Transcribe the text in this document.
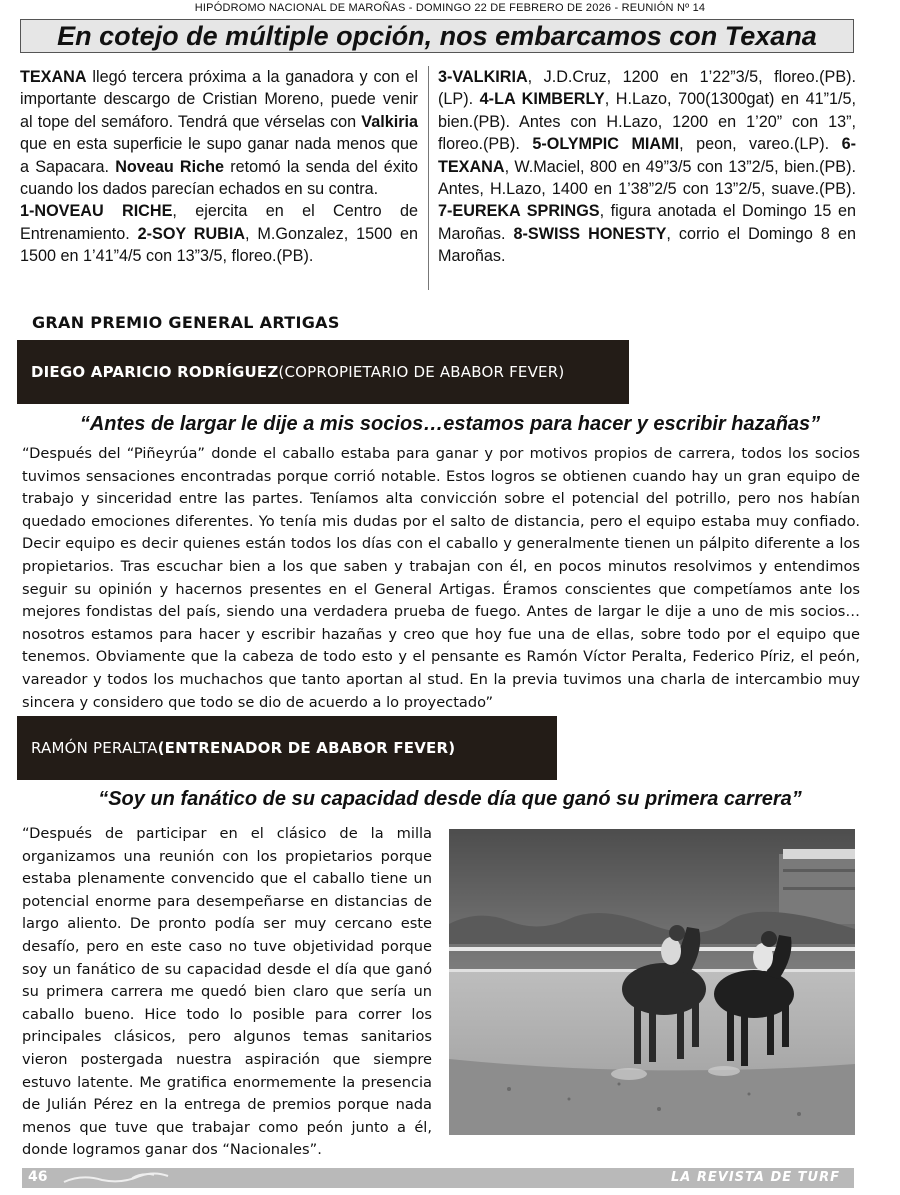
HIPÓDROMO NACIONAL DE MAROÑAS - DOMINGO 22 DE FEBRERO DE 2026 - REUNIÓN Nº 14
En cotejo de múltiple opción, nos embarcamos con Texana
TEXANA llegó tercera próxima a la ganadora y con el importante descargo de Cristian Moreno, puede venir al tope del semáforo. Tendrá que vérselas con Valkiria que en esta superficie le supo ganar nada menos que a Sapacara. Noveau Riche retomó la senda del éxito cuando los dados parecían echados en su contra.
1-NOVEAU RICHE, ejercita en el Centro de Entrenamiento. 2-SOY RUBIA, M.Gonzalez, 1500 en 1500 en 1’41”4/5 con 13”3/5, floreo.(PB).
3-VALKIRIA, J.D.Cruz, 1200 en 1’22”3/5, floreo.(PB).(LP). 4-LA KIMBERLY, H.Lazo, 700(1300gat) en 41”1/5, bien.(PB). Antes con H.Lazo, 1200 en 1’20” con 13”, floreo.(PB). 5-OLYMPIC MIAMI, peon, vareo.(LP). 6-TEXANA, W.Maciel, 800 en 49”3/5 con 13”2/5, bien.(PB). Antes, H.Lazo, 1400 en 1’38”2/5 con 13”2/5, suave.(PB). 7-EUREKA SPRINGS, figura anotada el Domingo 15 en Maroñas. 8-SWISS HONESTY, corrio el Domingo 8 en Maroñas.
GRAN PREMIO GENERAL ARTIGAS
DIEGO APARICIO RODRÍGUEZ (COPROPIETARIO DE ABABOR FEVER)
“Antes de largar le dije a mis socios…estamos para hacer y escribir hazañas”
“Después del “Piñeyrúa” donde el caballo estaba para ganar y por motivos propios de carrera, todos los socios tuvimos sensaciones encontradas porque corrió notable. Estos logros se obtienen cuando hay un gran equipo de trabajo y sinceridad entre las partes. Teníamos alta convicción sobre el potencial del potrillo, pero nos habían quedado emociones diferentes. Yo tenía mis dudas por el salto de distancia, pero el equipo estaba muy confiado. Decir equipo es decir quienes están todos los días con el caballo y generalmente tienen un pálpito diferente a los propietarios. Tras escuchar bien a los que saben y trabajan con él, en pocos minutos resolvimos y entendimos seguir su opinión y hacernos presentes en el General Artigas. Éramos conscientes que competíamos ante los mejores fondistas del país, siendo una verdadera prueba de fuego. Antes de largar le dije a uno de mis socios…nosotros estamos para hacer y escribir hazañas y creo que hoy fue una de ellas, sobre todo por el equipo que tenemos. Obviamente que la cabeza de todo esto y el pensante es Ramón Víctor Peralta, Federico Píriz, el peón, vareador y todos los muchachos que tanto aportan al stud. En la previa tuvimos una charla de intercambio muy sincera y considero que todo se dio de acuerdo a lo proyectado”
RAMÓN PERALTA (ENTRENADOR DE ABABOR FEVER)
“Soy un fanático de su capacidad desde día que ganó su primera carrera”
“Después de participar en el clásico de la milla organizamos una reunión con los propietarios porque estaba plenamente convencido que el caballo tiene un potencial enorme para desempeñarse en distancias de largo aliento. De pronto podía ser muy cercano este desafío, pero en este caso no tuve objetividad porque soy un fanático de su capacidad desde el día que ganó su primera carrera me quedó bien claro que sería un caballo bueno. Hice todo lo posible para correr los principales clásicos, pero algunos temas sanitarios vieron postergada nuestra aspiración que siempre estuvo latente. Me gratifica enormemente la presencia de Julián Pérez en la entrega de premios porque nada menos que tuve que trabajar como peón junto a él, donde logramos ganar dos “Nacionales”.
46	LA REVISTA DE TURF
